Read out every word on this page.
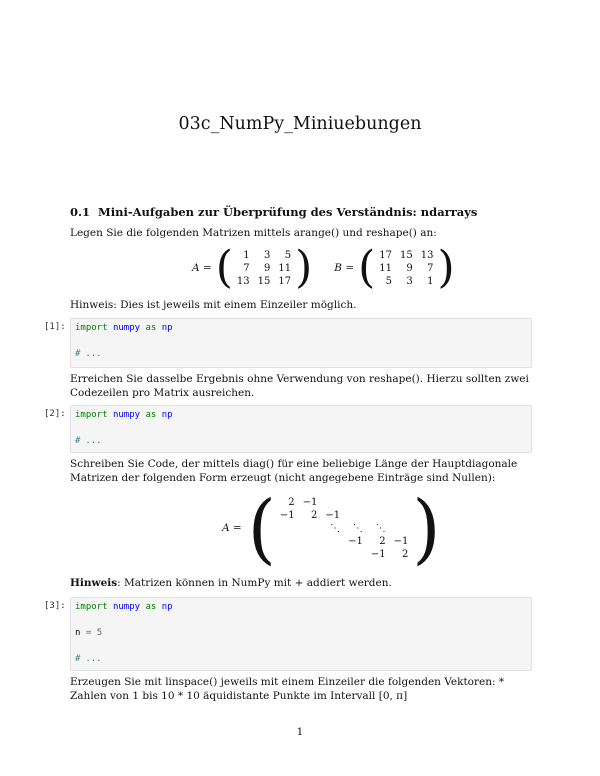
03c_NumPy_Miniuebungen
0.1 Mini-Aufgaben zur Überprüfung des Verständnis: ndarrays
Legen Sie die folgenden Matrizen mittels arange() und reshape() an:
A = ( 1	3	5
7	9	11
13	15	17 ) B = ( 17	15	13
11	9	7
5	3	1 )
Hinweis: Dies ist jeweils mit einem Einzeiler möglich.
[1]: import numpy as np
# ...
Erreichen Sie dasselbe Ergebnis ohne Verwendung von reshape(). Hierzu sollten zwei Codezeilen pro Matrix ausreichen.
[2]: import numpy as np
# ...
Schreiben Sie Code, der mittels diag() für eine beliebige Länge der Hauptdiagonale Matrizen der folgenden Form erzeugt (nicht angegebene Einträge sind Nullen):
A = ( 2	−1				
−1	2	−1			
		⋱	⋱	⋱	
			−1	2	−1
				−1	2 )
Hinweis: Matrizen können in NumPy mit + addiert werden.
[3]: import numpy as np
n = 5
# ...
Erzeugen Sie mit linspace() jeweils mit einem Einzeiler die folgenden Vektoren: * Zahlen von 1 bis 10 * 10 äquidistante Punkte im Intervall [0, π]
1
